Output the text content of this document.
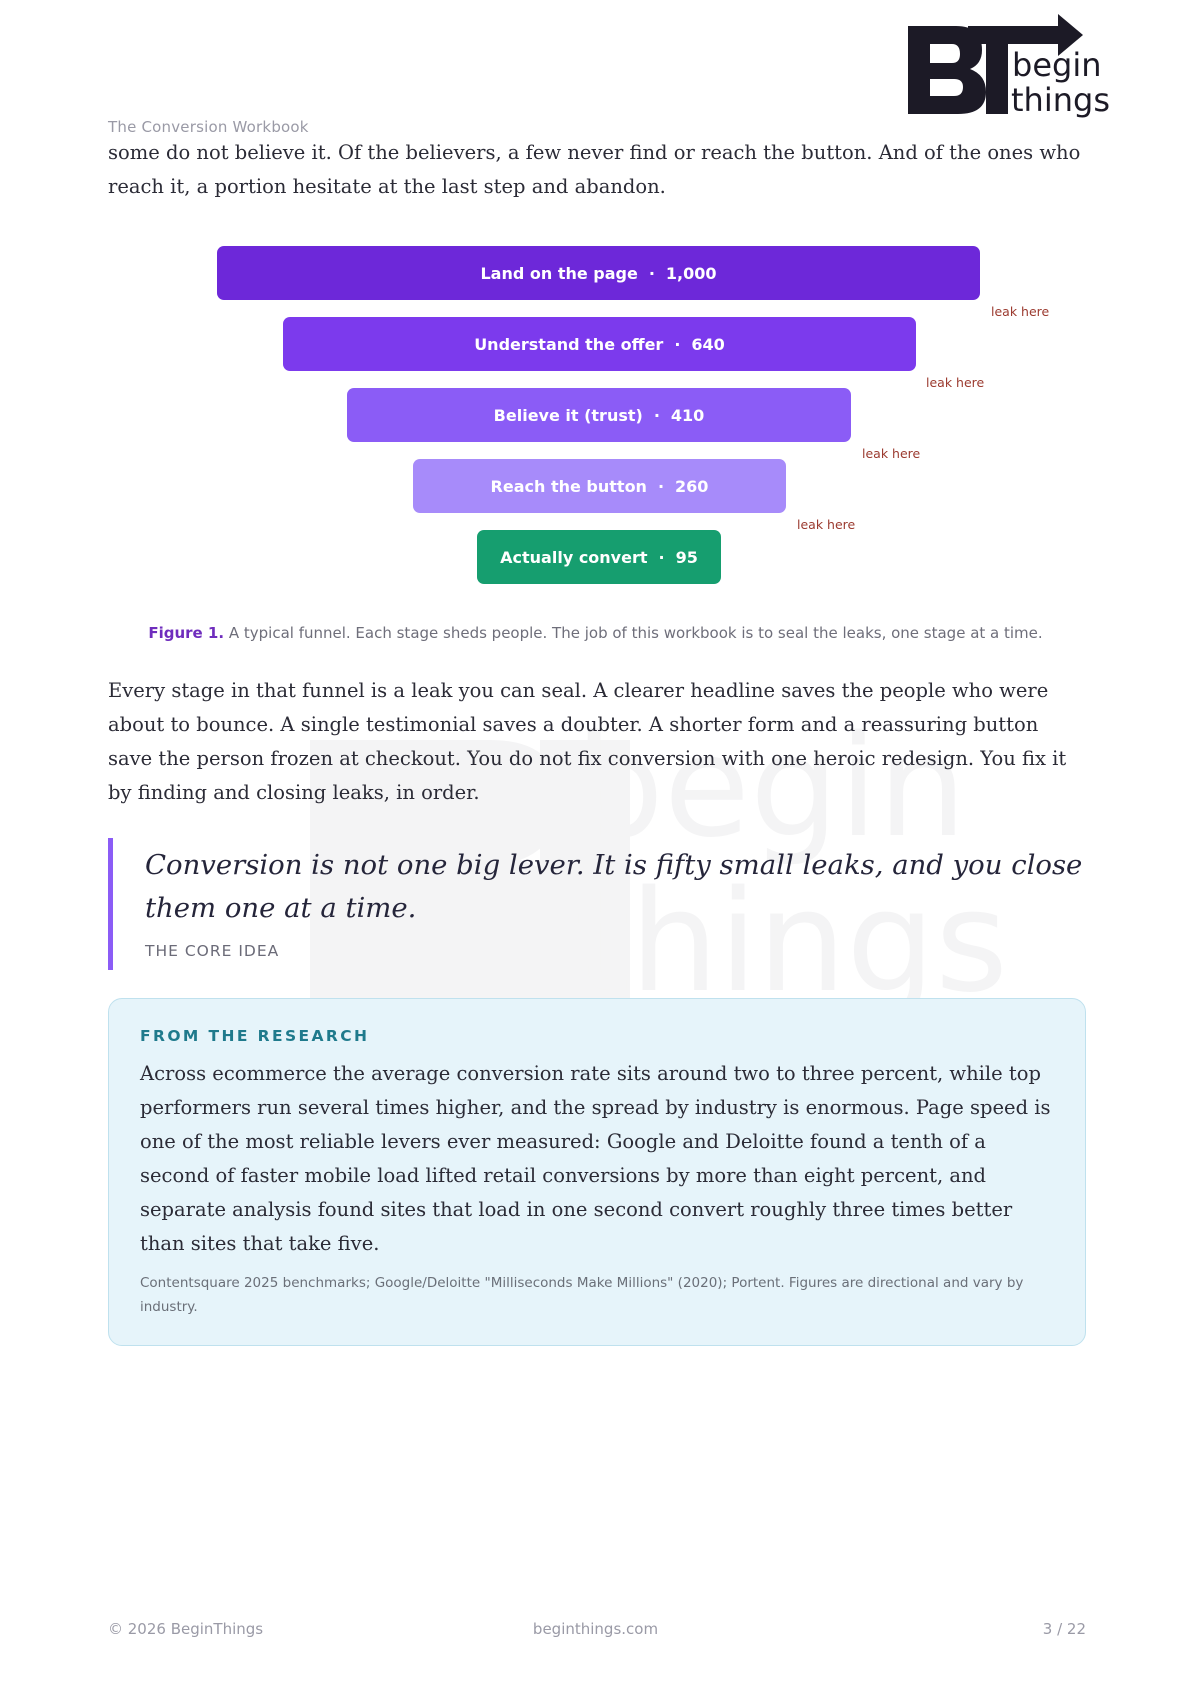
begin
things
The Conversion Workbook

some do not believe it. Of the believers, a few never find or reach the button. And of the ones who reach it, a portion hesitate at the last step and abandon.

Land on the page · 1,000
leak here
Understand the offer · 640
leak here
Believe it (trust) · 410
leak here
Reach the button · 260
leak here
Actually convert · 95
Figure 1. A typical funnel. Each stage sheds people. The job of this workbook is to seal the leaks, one stage at a time.

Every stage in that funnel is a leak you can seal. A clearer headline saves the people who were about to bounce. A single testimonial saves a doubter. A shorter form and a reassuring button save the person frozen at checkout. You do not fix conversion with one heroic redesign. You fix it by finding and closing leaks, in order.

Conversion is not one big lever. It is fifty small leaks, and you close them one at a time.
THE CORE IDEA
FROM THE RESEARCH
Across ecommerce the average conversion rate sits around two to three percent, while top performers run several times higher, and the spread by industry is enormous. Page speed is one of the most reliable levers ever measured: Google and Deloitte found a tenth of a second of faster mobile load lifted retail conversions by more than eight percent, and separate analysis found sites that load in one second convert roughly three times better than sites that take five.
Contentsquare 2025 benchmarks; Google/Deloitte "Milliseconds Make Millions" (2020); Portent. Figures are directional and vary by industry.
© 2026 BeginThings	beginthings.com	3 / 22
